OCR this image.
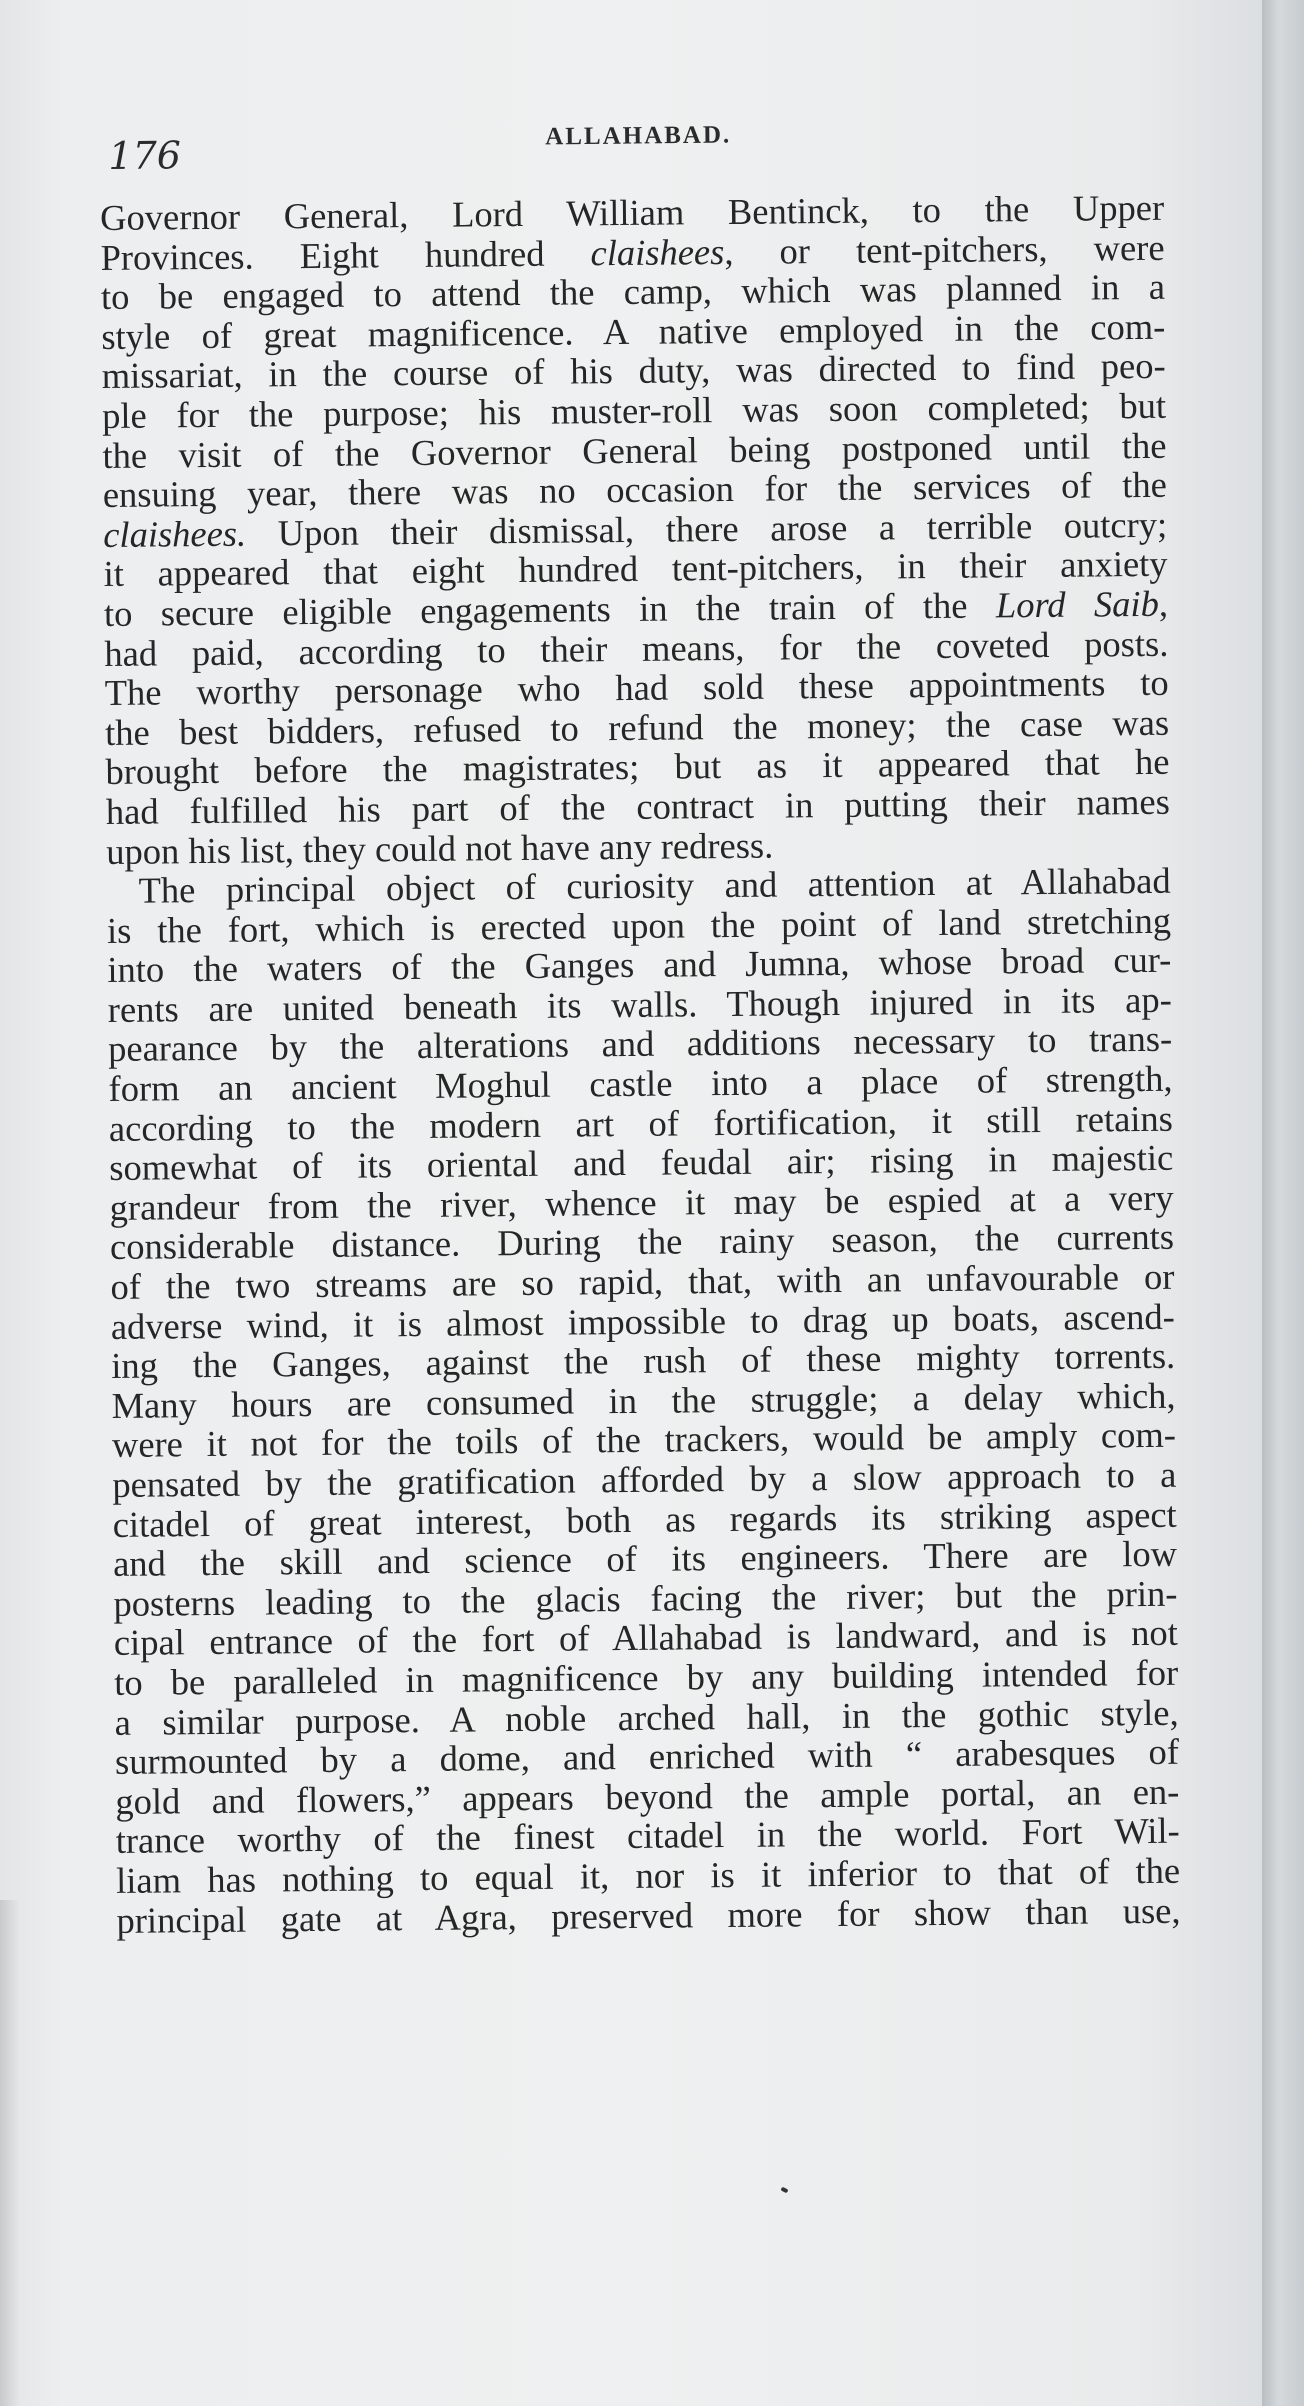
176	ALLAHABAD.
Governor General, Lord William Bentinck, to the Upper
Provinces. Eight hundred claishees, or tent-pitchers, were
to be engaged to attend the camp, which was planned in a
style of great magnificence. A native employed in the com-
missariat, in the course of his duty, was directed to find peo-
ple for the purpose; his muster-roll was soon completed; but
the visit of the Governor General being postponed until the
ensuing year, there was no occasion for the services of the
claishees. Upon their dismissal, there arose a terrible outcry;
it appeared that eight hundred tent-pitchers, in their anxiety
to secure eligible engagements in the train of the Lord Saib,
had paid, according to their means, for the coveted posts.
The worthy personage who had sold these appointments to
the best bidders, refused to refund the money; the case was
brought before the magistrates; but as it appeared that he
had fulfilled his part of the contract in putting their names
upon his list, they could not have any redress.
The principal object of curiosity and attention at Allahabad
is the fort, which is erected upon the point of land stretching
into the waters of the Ganges and Jumna, whose broad cur-
rents are united beneath its walls. Though injured in its ap-
pearance by the alterations and additions necessary to trans-
form an ancient Moghul castle into a place of strength,
according to the modern art of fortification, it still retains
somewhat of its oriental and feudal air; rising in majestic
grandeur from the river, whence it may be espied at a very
considerable distance. During the rainy season, the currents
of the two streams are so rapid, that, with an unfavourable or
adverse wind, it is almost impossible to drag up boats, ascend-
ing the Ganges, against the rush of these mighty torrents.
Many hours are consumed in the struggle; a delay which,
were it not for the toils of the trackers, would be amply com-
pensated by the gratification afforded by a slow approach to a
citadel of great interest, both as regards its striking aspect
and the skill and science of its engineers. There are low
posterns leading to the glacis facing the river; but the prin-
cipal entrance of the fort of Allahabad is landward, and is not
to be paralleled in magnificence by any building intended for
a similar purpose. A noble arched hall, in the gothic style,
surmounted by a dome, and enriched with “ arabesques of
gold and flowers,” appears beyond the ample portal, an en-
trance worthy of the finest citadel in the world. Fort Wil-
liam has nothing to equal it, nor is it inferior to that of the
principal gate at Agra, preserved more for show than use,
